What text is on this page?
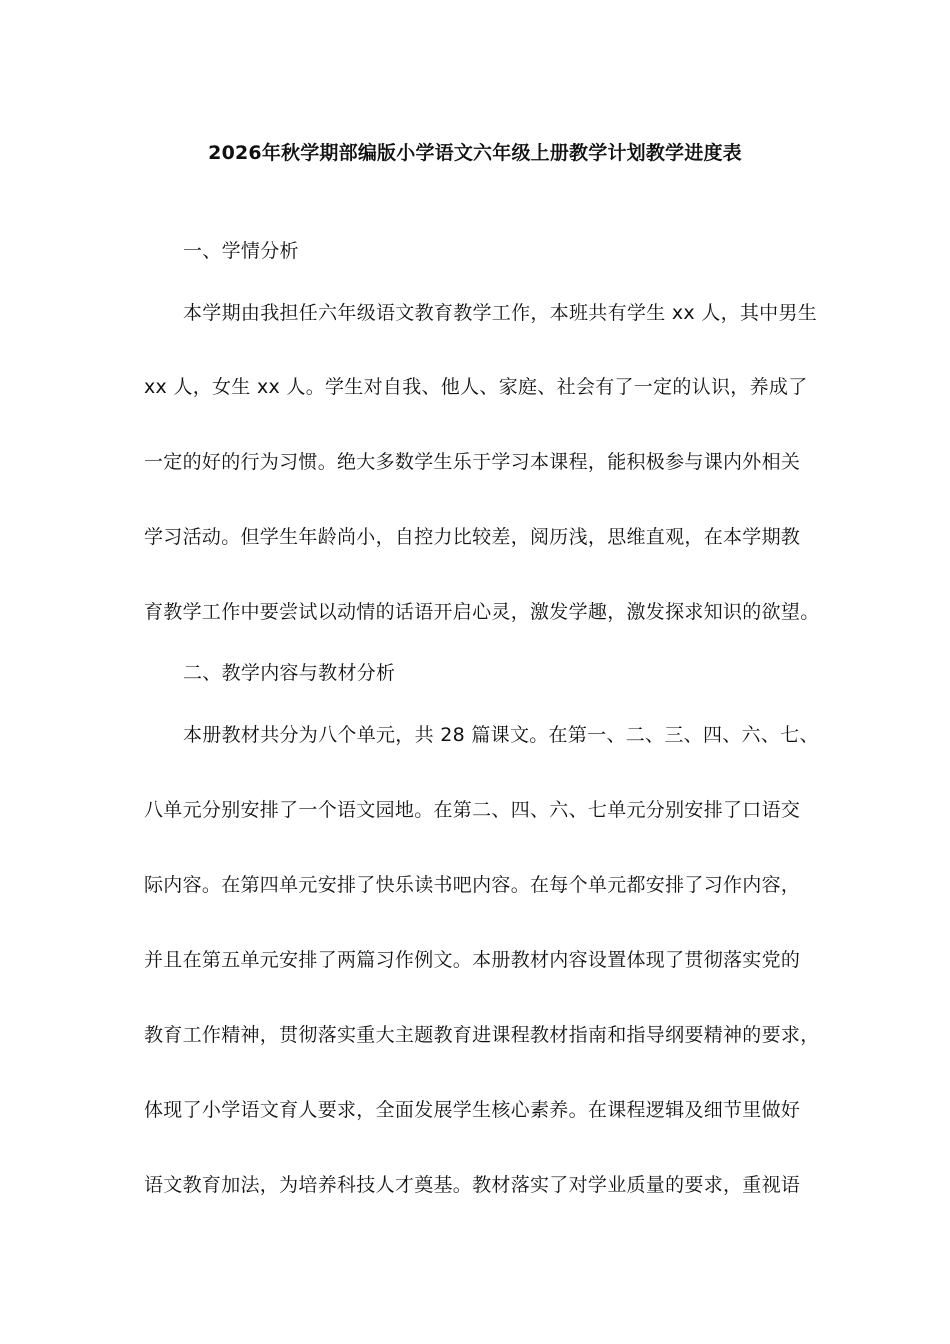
2026年秋学期部编版小学语文六年级上册教学计划教学进度表
一、学情分析
本学期由我担任六年级语文教育教学工作，本班共有学生 xx 人，其中男生
xx 人，女生 xx 人。学生对自我、他人、家庭、社会有了一定的认识，养成了
一定的好的行为习惯。绝大多数学生乐于学习本课程，能积极参与课内外相关
学习活动。但学生年龄尚小，自控力比较差，阅历浅，思维直观，在本学期教
育教学工作中要尝试以动情的话语开启心灵，激发学趣，激发探求知识的欲望。
二、教学内容与教材分析
本册教材共分为八个单元，共 28 篇课文。在第一、二、三、四、六、七、
八单元分别安排了一个语文园地。在第二、四、六、七单元分别安排了口语交
际内容。在第四单元安排了快乐读书吧内容。在每个单元都安排了习作内容，
并且在第五单元安排了两篇习作例文。本册教材内容设置体现了贯彻落实党的
教育工作精神，贯彻落实重大主题教育进课程教材指南和指导纲要精神的要求，
体现了小学语文育人要求，全面发展学生核心素养。在课程逻辑及细节里做好
语文教育加法，为培养科技人才奠基。教材落实了对学业质量的要求，重视语
